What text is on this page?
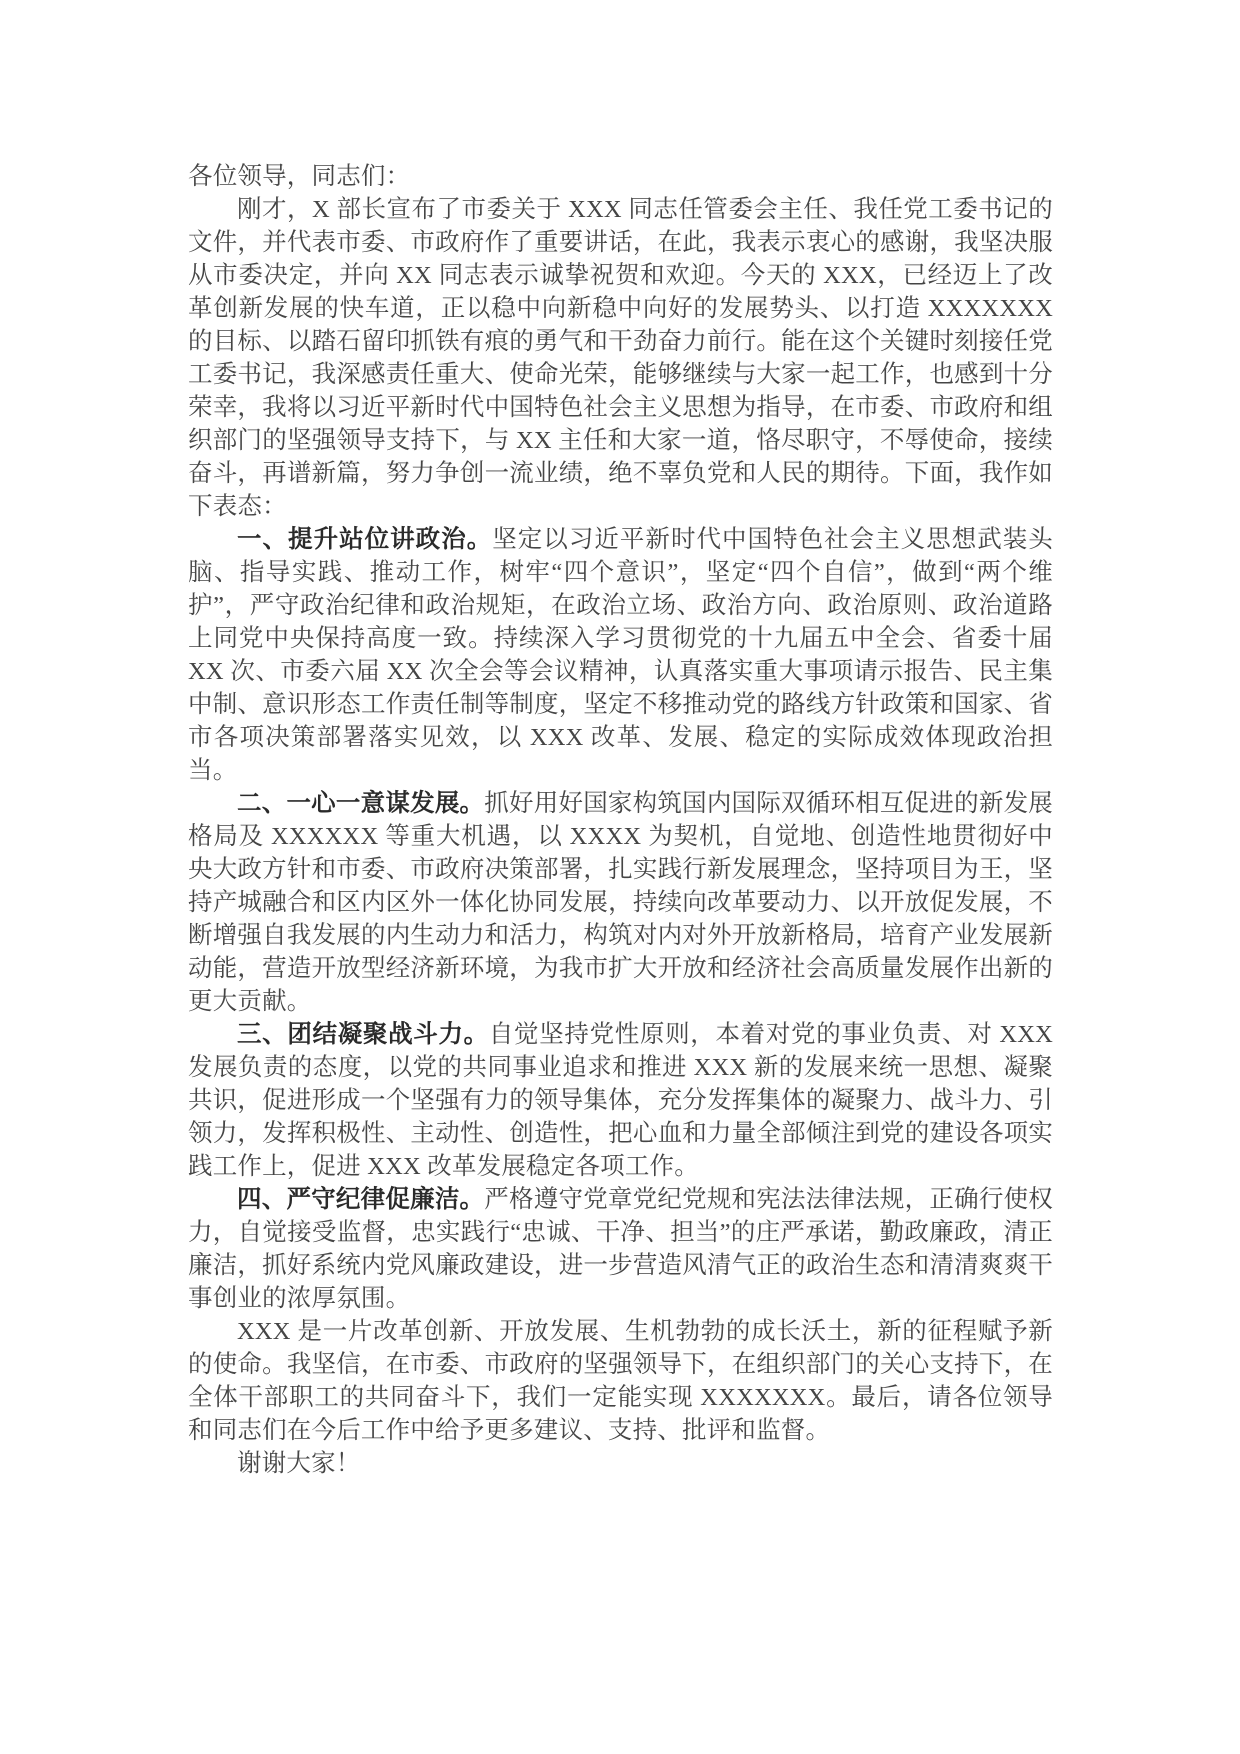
各位领导，同志们：

刚才，X 部长宣布了市委关于 XXX 同志任管委会主任、我任党工委书记的文件，并代表市委、市政府作了重要讲话，在此，我表示衷心的感谢，我坚决服从市委决定，并向 XX 同志表示诚挚祝贺和欢迎。今天的 XXX，已经迈上了改革创新发展的快车道，正以稳中向新稳中向好的发展势头、以打造 XXXXXXX 的目标、以踏石留印抓铁有痕的勇气和干劲奋力前行。能在这个关键时刻接任党工委书记，我深感责任重大、使命光荣，能够继续与大家一起工作，也感到十分荣幸，我将以习近平新时代中国特色社会主义思想为指导，在市委、市政府和组织部门的坚强领导支持下，与 XX 主任和大家一道，恪尽职守，不辱使命，接续奋斗，再谱新篇，努力争创一流业绩，绝不辜负党和人民的期待。下面，我作如下表态：

一、提升站位讲政治。坚定以习近平新时代中国特色社会主义思想武装头脑、指导实践、推动工作，树牢“四个意识”，坚定“四个自信”，做到“两个维护”，严守政治纪律和政治规矩，在政治立场、政治方向、政治原则、政治道路上同党中央保持高度一致。持续深入学习贯彻党的十九届五中全会、省委十届 XX 次、市委六届 XX 次全会等会议精神，认真落实重大事项请示报告、民主集中制、意识形态工作责任制等制度，坚定不移推动党的路线方针政策和国家、省市各项决策部署落实见效，以 XXX 改革、发展、稳定的实际成效体现政治担当。

二、一心一意谋发展。抓好用好国家构筑国内国际双循环相互促进的新发展格局及 XXXXXX 等重大机遇，以 XXXX 为契机，自觉地、创造性地贯彻好中央大政方针和市委、市政府决策部署，扎实践行新发展理念，坚持项目为王，坚持产城融合和区内区外一体化协同发展，持续向改革要动力、以开放促发展，不断增强自我发展的内生动力和活力，构筑对内对外开放新格局，培育产业发展新动能，营造开放型经济新环境，为我市扩大开放和经济社会高质量发展作出新的更大贡献。

三、团结凝聚战斗力。自觉坚持党性原则，本着对党的事业负责、对 XXX 发展负责的态度，以党的共同事业追求和推进 XXX 新的发展来统一思想、凝聚共识，促进形成一个坚强有力的领导集体，充分发挥集体的凝聚力、战斗力、引领力，发挥积极性、主动性、创造性，把心血和力量全部倾注到党的建设各项实践工作上，促进 XXX 改革发展稳定各项工作。

四、严守纪律促廉洁。严格遵守党章党纪党规和宪法法律法规，正确行使权力，自觉接受监督，忠实践行“忠诚、干净、担当”的庄严承诺，勤政廉政，清正廉洁，抓好系统内党风廉政建设，进一步营造风清气正的政治生态和清清爽爽干事创业的浓厚氛围。

XXX 是一片改革创新、开放发展、生机勃勃的成长沃土，新的征程赋予新的使命。我坚信，在市委、市政府的坚强领导下，在组织部门的关心支持下，在全体干部职工的共同奋斗下，我们一定能实现 XXXXXXX。最后，请各位领导和同志们在今后工作中给予更多建议、支持、批评和监督。

谢谢大家！
